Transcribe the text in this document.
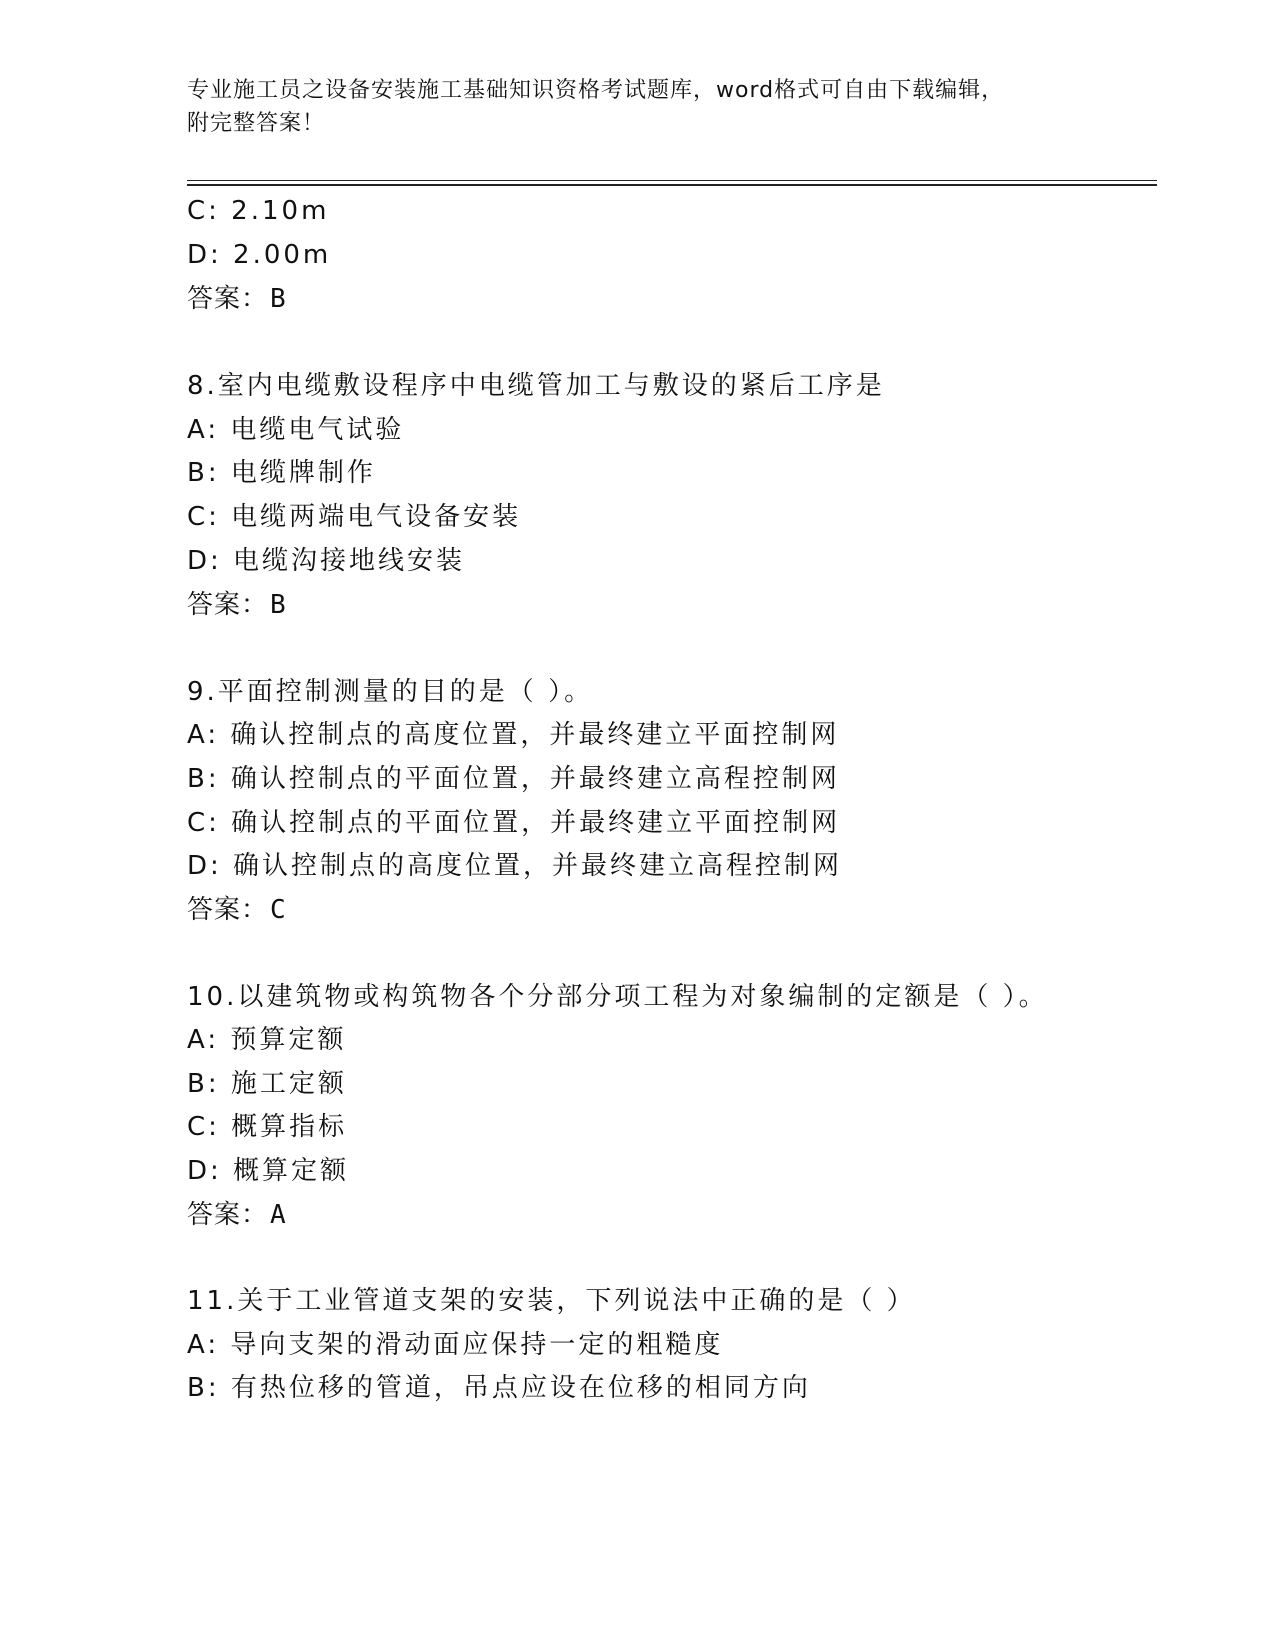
专业施工员之设备安装施工基础知识资格考试题库，word格式可自由下载编辑，
附完整答案！
C: 2.10m
D: 2.00m
答案：B
8.室内电缆敷设程序中电缆管加工与敷设的紧后工序是
A: 电缆电气试验
B: 电缆牌制作
C: 电缆两端电气设备安装
D: 电缆沟接地线安装
答案：B
9.平面控制测量的目的是（ ）。
A: 确认控制点的高度位置，并最终建立平面控制网
B: 确认控制点的平面位置，并最终建立高程控制网
C: 确认控制点的平面位置，并最终建立平面控制网
D: 确认控制点的高度位置，并最终建立高程控制网
答案：C
10.以建筑物或构筑物各个分部分项工程为对象编制的定额是（ ）。
A: 预算定额
B: 施工定额
C: 概算指标
D: 概算定额
答案：A
11.关于工业管道支架的安装，下列说法中正确的是（ ）
A: 导向支架的滑动面应保持一定的粗糙度
B: 有热位移的管道，吊点应设在位移的相同方向
